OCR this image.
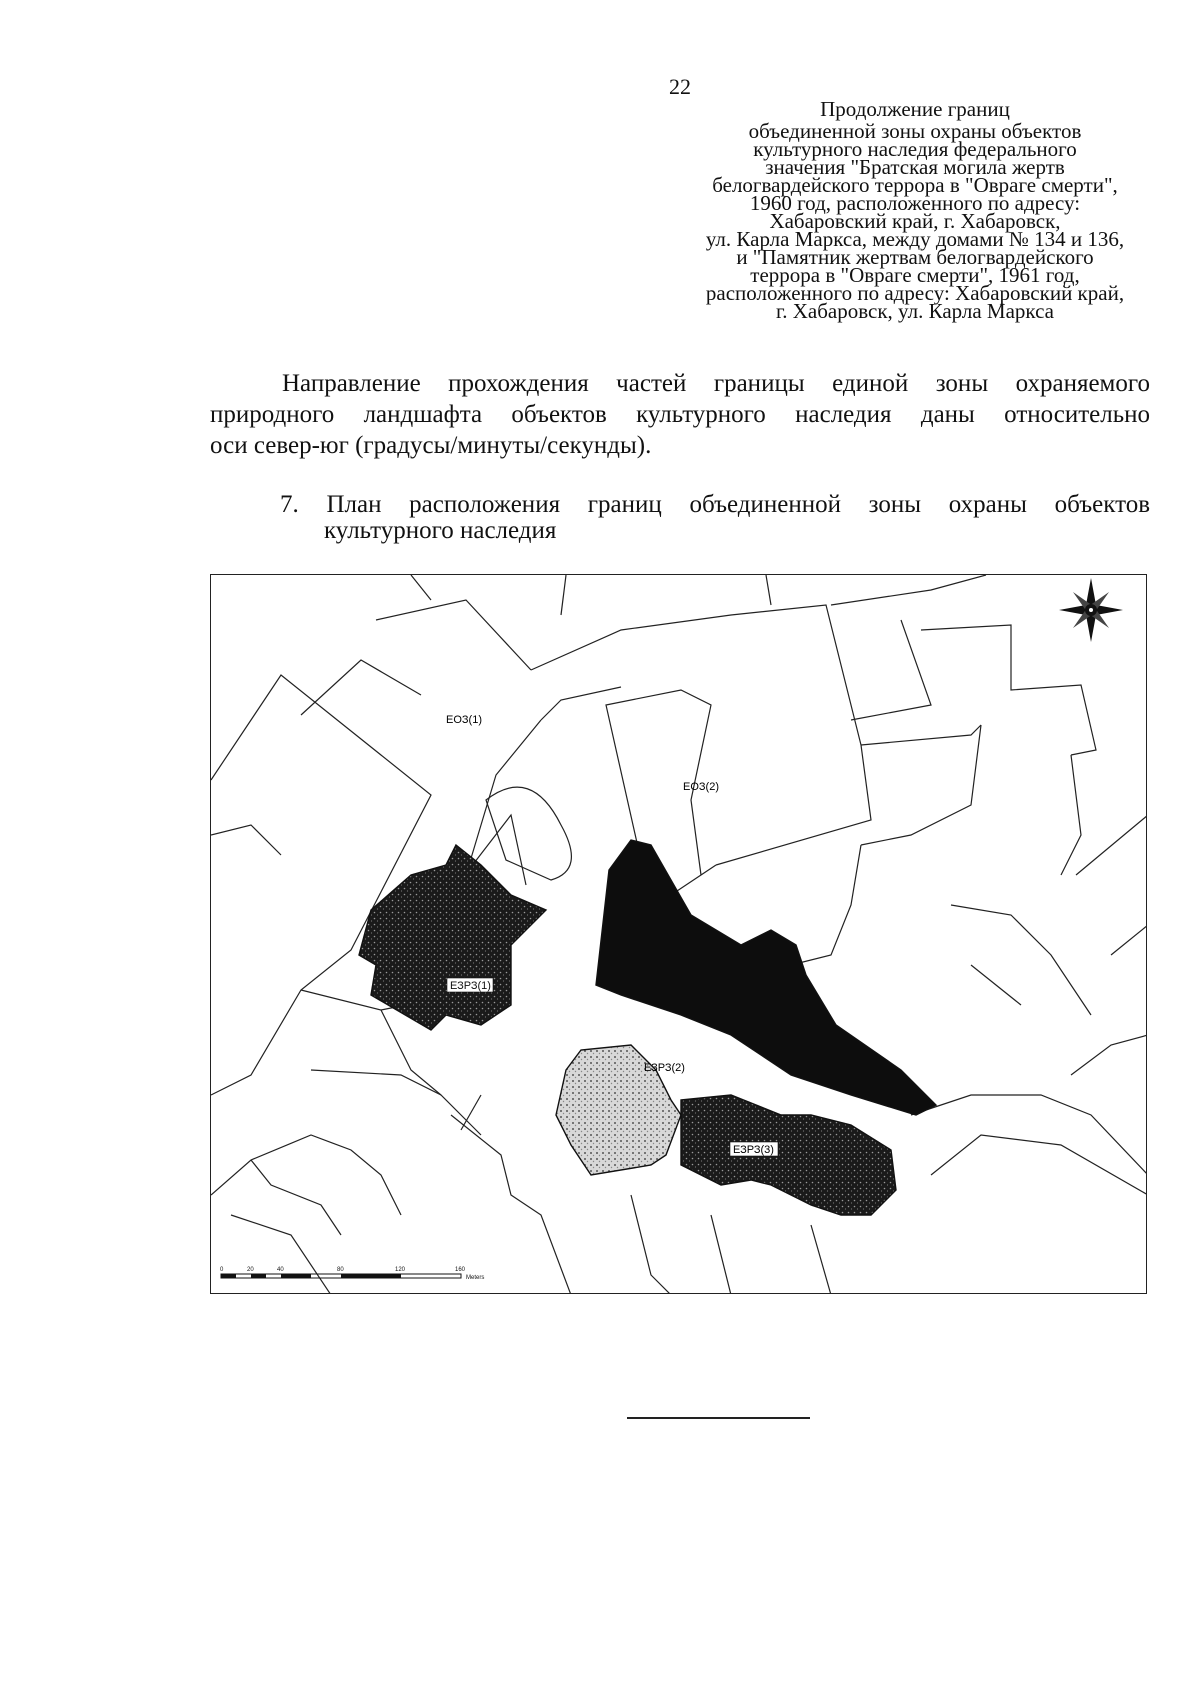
22
Продолжение границ
объединенной зоны охраны объектов
культурного наследия федерального
значения "Братская могила жертв
белогвардейского террора в "Овраге смерти",
1960 год, расположенного по адресу:
Хабаровский край, г. Хабаровск,
ул. Карла Маркса, между домами № 134 и 136,
и "Памятник жертвам белогвардейского
террора в "Овраге смерти", 1961 год,
расположенного по адресу: Хабаровский край,
г. Хабаровск, ул. Карла Маркса
Направление прохождения частей границы единой зоны охраняемого
природного ландшафта объектов культурного наследия даны относительно
оси север-юг (градусы/минуты/секунды).
7. План расположения границ объединенной зоны охраны объектов
культурного наследия
ЕОЗ(1)
ЕОЗ(2)
ЕЗРЗ(1)
ЕЗРЗ(2)
ЕЗРЗ(3)
0	20	40	80	120	160
Meters
